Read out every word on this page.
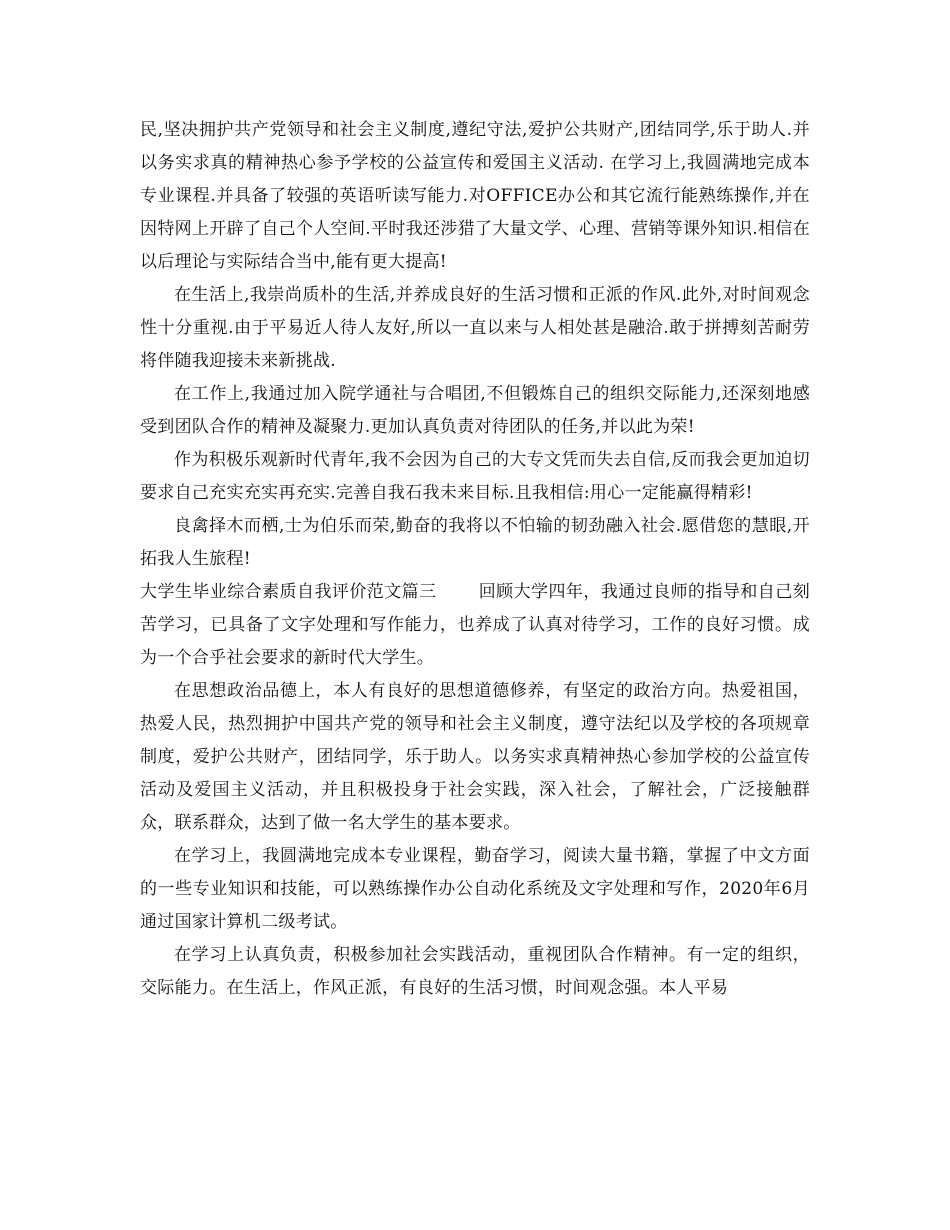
民,坚决拥护共产党领导和社会主义制度,遵纪守法,爱护公共财产,团结同学,乐于助人.并以务实求真的精神热心参予学校的公益宣传和爱国主义活动. 在学习上,我圆满地完成本专业课程.并具备了较强的英语听读写能力.对OFFICE办公和其它流行能熟练操作,并在因特网上开辟了自己个人空间.平时我还涉猎了大量文学、心理、营销等课外知识.相信在以后理论与实际结合当中,能有更大提高!

在生活上,我崇尚质朴的生活,并养成良好的生活习惯和正派的作风.此外,对时间观念性十分重视.由于平易近人待人友好,所以一直以来与人相处甚是融洽.敢于拼搏刻苦耐劳将伴随我迎接未来新挑战.

在工作上,我通过加入院学通社与合唱团,不但锻炼自己的组织交际能力,还深刻地感受到团队合作的精神及凝聚力.更加认真负责对待团队的任务,并以此为荣!

作为积极乐观新时代青年,我不会因为自己的大专文凭而失去自信,反而我会更加迫切要求自己充实充实再充实.完善自我石我未来目标.且我相信:用心一定能赢得精彩!

良禽择木而栖,士为伯乐而荣,勤奋的我将以不怕输的韧劲融入社会.愿借您的慧眼,开拓我人生旅程!

大学生毕业综合素质自我评价范文篇三 回顾大学四年，我通过良师的指导和自己刻苦学习，已具备了文字处理和写作能力，也养成了认真对待学习，工作的良好习惯。成为一个合乎社会要求的新时代大学生。

在思想政治品德上，本人有良好的思想道德修养，有坚定的政治方向。热爱祖国，热爱人民，热烈拥护中国共产党的领导和社会主义制度，遵守法纪以及学校的各项规章制度，爱护公共财产，团结同学，乐于助人。以务实求真精神热心参加学校的公益宣传活动及爱国主义活动，并且积极投身于社会实践，深入社会，了解社会，广泛接触群众，联系群众，达到了做一名大学生的基本要求。

在学习上，我圆满地完成本专业课程，勤奋学习，阅读大量书籍，掌握了中文方面的一些专业知识和技能，可以熟练操作办公自动化系统及文字处理和写作，2020年6月通过国家计算机二级考试。

在学习上认真负责，积极参加社会实践活动，重视团队合作精神。有一定的组织，交际能力。在生活上，作风正派，有良好的生活习惯，时间观念强。本人平易
